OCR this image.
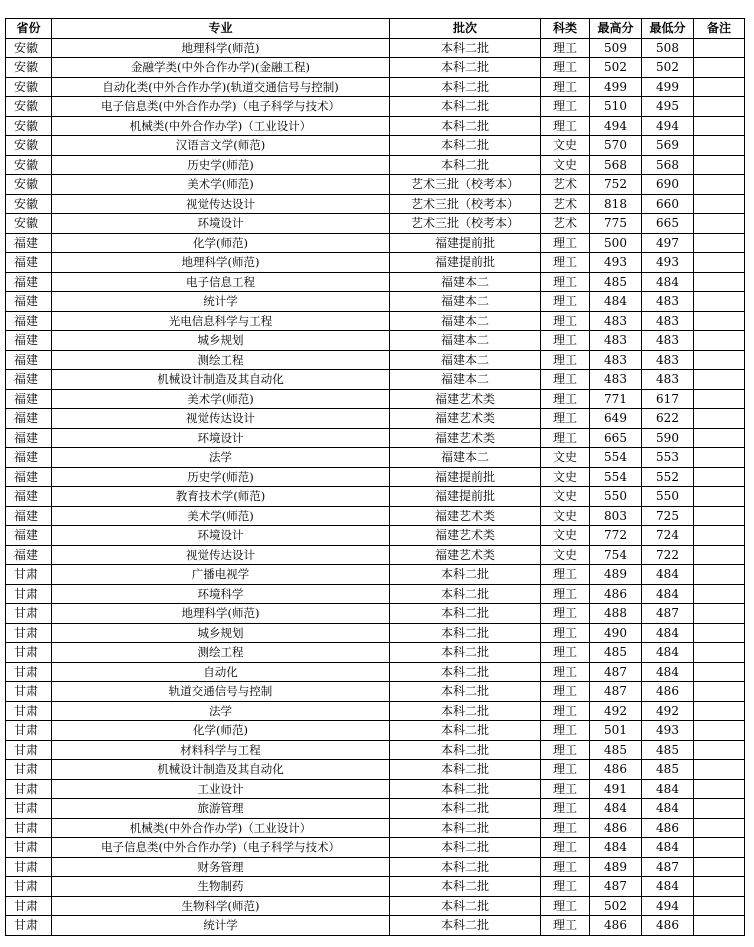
省份	专业	批次	科类	最高分	最低分	备注
安徽	地理科学(师范)	本科二批	理工	509	508	
安徽	金融学类(中外合作办学)(金融工程)	本科二批	理工	502	502	
安徽	自动化类(中外合作办学)(轨道交通信号与控制)	本科二批	理工	499	499	
安徽	电子信息类(中外合作办学)（电子科学与技术）	本科二批	理工	510	495	
安徽	机械类(中外合作办学)（工业设计）	本科二批	理工	494	494	
安徽	汉语言文学(师范)	本科二批	文史	570	569	
安徽	历史学(师范)	本科二批	文史	568	568	
安徽	美术学(师范)	艺术三批（校考本）	艺术	752	690	
安徽	视觉传达设计	艺术三批（校考本）	艺术	818	660	
安徽	环境设计	艺术三批（校考本）	艺术	775	665	
福建	化学(师范)	福建提前批	理工	500	497	
福建	地理科学(师范)	福建提前批	理工	493	493	
福建	电子信息工程	福建本二	理工	485	484	
福建	统计学	福建本二	理工	484	483	
福建	光电信息科学与工程	福建本二	理工	483	483	
福建	城乡规划	福建本二	理工	483	483	
福建	测绘工程	福建本二	理工	483	483	
福建	机械设计制造及其自动化	福建本二	理工	483	483	
福建	美术学(师范)	福建艺术类	理工	771	617	
福建	视觉传达设计	福建艺术类	理工	649	622	
福建	环境设计	福建艺术类	理工	665	590	
福建	法学	福建本二	文史	554	553	
福建	历史学(师范)	福建提前批	文史	554	552	
福建	教育技术学(师范)	福建提前批	文史	550	550	
福建	美术学(师范)	福建艺术类	文史	803	725	
福建	环境设计	福建艺术类	文史	772	724	
福建	视觉传达设计	福建艺术类	文史	754	722	
甘肃	广播电视学	本科二批	理工	489	484	
甘肃	环境科学	本科二批	理工	486	484	
甘肃	地理科学(师范)	本科二批	理工	488	487	
甘肃	城乡规划	本科二批	理工	490	484	
甘肃	测绘工程	本科二批	理工	485	484	
甘肃	自动化	本科二批	理工	487	484	
甘肃	轨道交通信号与控制	本科二批	理工	487	486	
甘肃	法学	本科二批	理工	492	492	
甘肃	化学(师范)	本科二批	理工	501	493	
甘肃	材料科学与工程	本科二批	理工	485	485	
甘肃	机械设计制造及其自动化	本科二批	理工	486	485	
甘肃	工业设计	本科二批	理工	491	484	
甘肃	旅游管理	本科二批	理工	484	484	
甘肃	机械类(中外合作办学)（工业设计）	本科二批	理工	486	486	
甘肃	电子信息类(中外合作办学)（电子科学与技术）	本科二批	理工	484	484	
甘肃	财务管理	本科二批	理工	489	487	
甘肃	生物制药	本科二批	理工	487	484	
甘肃	生物科学(师范)	本科二批	理工	502	494	
甘肃	统计学	本科二批	理工	486	486	
